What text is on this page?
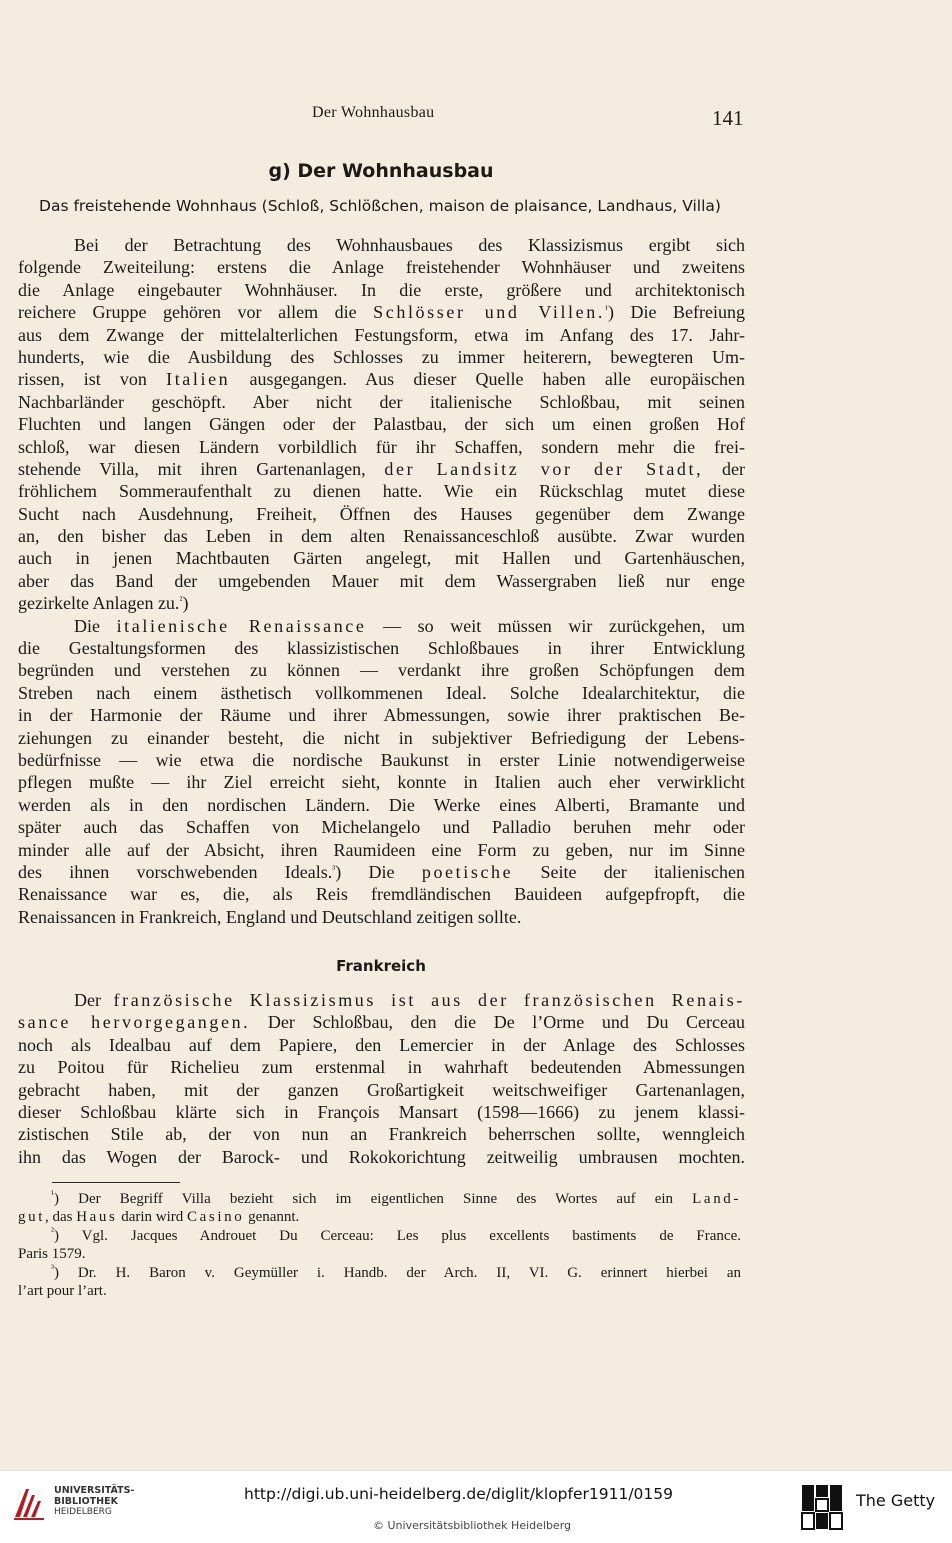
Der Wohnhausbau	141
g) Der Wohnhausbau
Das freistehende Wohnhaus (Schloß, Schlößchen, maison de plaisance, Landhaus, Villa)
Bei der Betrachtung des Wohnhausbaues des Klassizismus ergibt sich
folgende Zweiteilung: erstens die Anlage freistehender Wohnhäuser und zweitens
die Anlage eingebauter Wohnhäuser. In die erste, größere und architektonisch
reichere Gruppe gehören vor allem die Schlösser und Villen.$^{^1}$) Die Befreiung
aus dem Zwange der mittelalterlichen Festungsform, etwa im Anfang des 17. Jahr-
hunderts, wie die Ausbildung des Schlosses zu immer heiterern, bewegteren Um-
rissen, ist von Italien ausgegangen. Aus dieser Quelle haben alle europäischen
Nachbarländer geschöpft. Aber nicht der italienische Schloßbau, mit seinen
Fluchten und langen Gängen oder der Palastbau, der sich um einen großen Hof
schloß, war diesen Ländern vorbildlich für ihr Schaffen, sondern mehr die frei-
stehende Villa, mit ihren Gartenanlagen, der Landsitz vor der Stadt, der
fröhlichem Sommeraufenthalt zu dienen hatte. Wie ein Rückschlag mutet diese
Sucht nach Ausdehnung, Freiheit, Öffnen des Hauses gegenüber dem Zwange
an, den bisher das Leben in dem alten Renaissanceschloß ausübte. Zwar wurden
auch in jenen Machtbauten Gärten angelegt, mit Hallen und Gartenhäuschen,
aber das Band der umgebenden Mauer mit dem Wassergraben ließ nur enge
gezirkelte Anlagen zu.$^{^2}$)
Die italienische Renaissance — so weit müssen wir zurückgehen, um
die Gestaltungsformen des klassizistischen Schloßbaues in ihrer Entwicklung
begründen und verstehen zu können — verdankt ihre großen Schöpfungen dem
Streben nach einem ästhetisch vollkommenen Ideal. Solche Idealarchitektur, die
in der Harmonie der Räume und ihrer Abmessungen, sowie ihrer praktischen Be-
ziehungen zu einander besteht, die nicht in subjektiver Befriedigung der Lebens-
bedürfnisse — wie etwa die nordische Baukunst in erster Linie notwendigerweise
pflegen mußte — ihr Ziel erreicht sieht, konnte in Italien auch eher verwirklicht
werden als in den nordischen Ländern. Die Werke eines Alberti, Bramante und
später auch das Schaffen von Michelangelo und Palladio beruhen mehr oder
minder alle auf der Absicht, ihren Raumideen eine Form zu geben, nur im Sinne
des ihnen vorschwebenden Ideals.$^{^3}$) Die poetische Seite der italienischen
Renaissance war es, die, als Reis fremdländischen Bauideen aufgepfropft, die
Renaissancen in Frankreich, England und Deutschland zeitigen sollte.
Frankreich
Der französische Klassizismus ist aus der französischen Renais-
sance hervorgegangen. Der Schloßbau, den die De l’Orme und Du Cerceau
noch als Idealbau auf dem Papiere, den Lemercier in der Anlage des Schlosses
zu Poitou für Richelieu zum erstenmal in wahrhaft bedeutenden Abmessungen
gebracht haben, mit der ganzen Großartigkeit weitschweifiger Gartenanlagen,
dieser Schloßbau klärte sich in François Mansart (1598—1666) zu jenem klassi-
zistischen Stile ab, der von nun an Frankreich beherrschen sollte, wenngleich
ihn das Wogen der Barock- und Rokokorichtung zeitweilig umbrausen mochten.
$^{^1}$) Der Begriff Villa bezieht sich im eigentlichen Sinne des Wortes auf ein Land-
gut, das Haus darin wird Casino genannt.
$^{^2}$) Vgl. Jacques Androuet Du Cerceau: Les plus excellents bastiments de France.
Paris 1579.
$^{^3}$) Dr. H. Baron v. Geymüller i. Handb. der Arch. II, VI. G. erinnert hierbei an
l’art pour l’art.
UNIVERSITÄTS-
BIBLIOTHEK
HEIDELBERG
http://digi.ub.uni-heidelberg.de/diglit/klopfer1911/0159
© Universitätsbibliothek Heidelberg
The Getty
